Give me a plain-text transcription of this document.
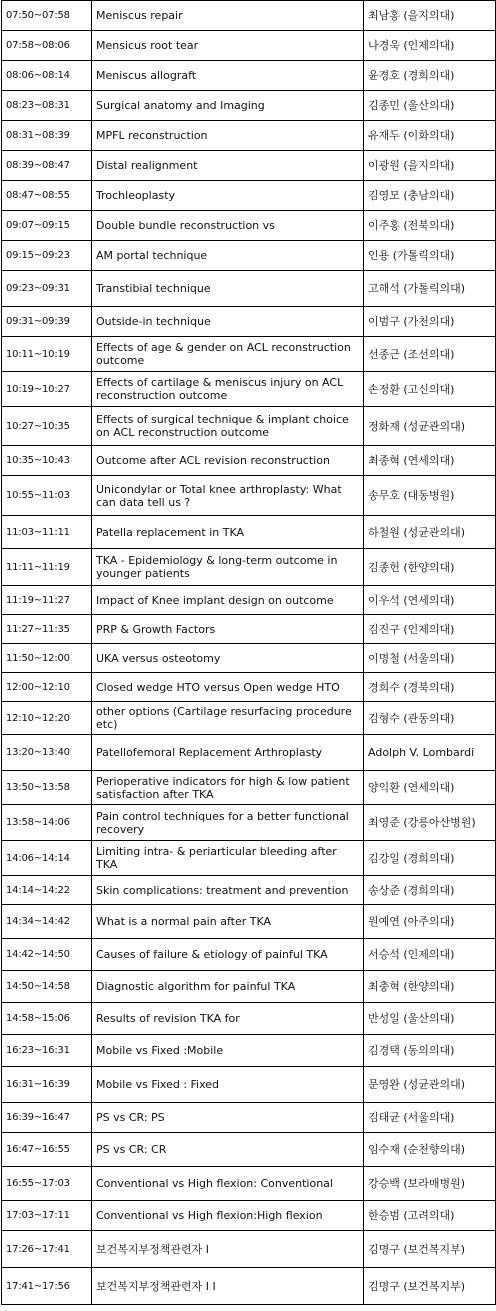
07:50~07:58	Meniscus repair	최남홍 (을지의대)
07:58~08:06	Mensicus root tear	나경욱 (인제의대)
08:06~08:14	Meniscus allograft	윤경호 (경희의대)
08:23~08:31	Surgical anatomy and Imaging	김종민 (울산의대)
08:31~08:39	MPFL reconstruction	유재두 (이화의대)
08:39~08:47	Distal realignment	이광원 (을지의대)
08:47~08:55	Trochleoplasty	김영모 (충남의대)
09:07~09:15	Double bundle reconstruction vs	이주홍 (전북의대)
09:15~09:23	AM portal technique	인용 (가톨릭의대)
09:23~09:31	Transtibial technique	고해석 (가톨릭의대)
09:31~09:39	Outside-in technique	이범구 (가천의대)
10:11~10:19	Effects of age & gender on ACL reconstruction outcome	선종근 (조선의대)
10:19~10:27	Effects of cartilage & meniscus injury on ACL reconstruction outcome	손정환 (고신의대)
10:27~10:35	Effects of surgical technique & implant choice on ACL reconstruction outcome	정화재 (성균관의대)
10:35~10:43	Outcome after ACL revision reconstruction	최종혁 (연세의대)
10:55~11:03	Unicondylar or Total knee arthroplasty: What can data tell us ?	송무호 (대동병원)
11:03~11:11	Patella replacement in TKA	하철원 (성균관의대)
11:11~11:19	TKA - Epidemiology & long-term outcome in younger patients	김종헌 (한양의대)
11:19~11:27	Impact of Knee implant design on outcome	이우석 (연세의대)
11:27~11:35	PRP & Growth Factors	김진구 (인제의대)
11:50~12:00	UKA versus osteotomy	이명철 (서울의대)
12:00~12:10	Closed wedge HTO versus Open wedge HTO	경희수 (경북의대)
12:10~12:20	other options (Cartilage resurfacing procedure etc)	김형수 (관동의대)
13:20~13:40	Patellofemoral Replacement Arthroplasty	Adolph V. Lombardi
13:50~13:58	Perioperative indicators for high & low patient satisfaction after TKA	양익환 (연세의대)
13:58~14:06	Pain control techniques for a better functional recovery	최영준 (강릉아산병원)
14:06~14:14	Limiting intra- & periarticular bleeding after TKA	김강일 (경희의대)
14:14~14:22	Skin complications: treatment and prevention	송상준 (경희의대)
14:34~14:42	What is a normal pain after TKA	원예연 (아주의대)
14:42~14:50	Causes of failure & etiology of painful TKA	서승석 (인제의대)
14:50~14:58	Diagnostic algorithm for painful TKA	최충혁 (한양의대)
14:58~15:06	Results of revision TKA for	반성일 (울산의대)
16:23~16:31	Mobile vs Fixed :Mobile	김경택 (동의의대)
16:31~16:39	Mobile vs Fixed : Fixed	문영완 (성균관의대)
16:39~16:47	PS vs CR: PS	김태균 (서울의대)
16:47~16:55	PS vs CR: CR	임수재 (순천향의대)
16:55~17:03	Conventional vs High flexion: Conventional	강승백 (보라매병원)
17:03~17:11	Conventional vs High flexion:High flexion	한승범 (고려의대)
17:26~17:41	보건복지부정책관련자 I	김명구 (보건복지부)
17:41~17:56	보건복지부정책관련자 I I	김명구 (보건복지부)
